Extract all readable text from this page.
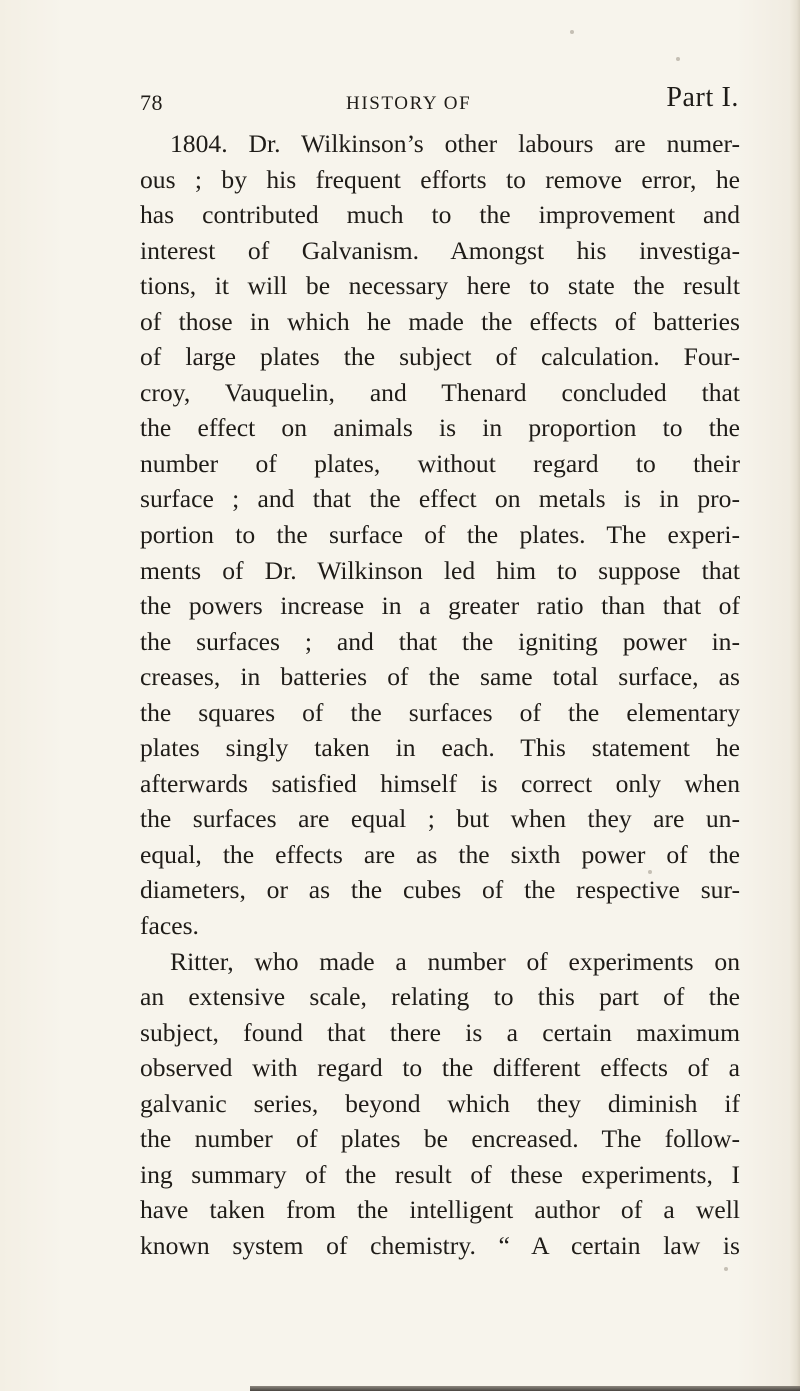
78	HISTORY OF	Part I.
1804. Dr. Wilkinson’s other labours are numer-
ous ; by his frequent efforts to remove error, he
has contributed much to the improvement and
interest of Galvanism. Amongst his investiga-
tions, it will be necessary here to state the result
of those in which he made the effects of batteries
of large plates the subject of calculation. Four-
croy, Vauquelin, and Thenard concluded that
the effect on animals is in proportion to the
number of plates, without regard to their
surface ; and that the effect on metals is in pro-
portion to the surface of the plates. The experi-
ments of Dr. Wilkinson led him to suppose that
the powers increase in a greater ratio than that of
the surfaces ; and that the igniting power in-
creases, in batteries of the same total surface, as
the squares of the surfaces of the elementary
plates singly taken in each. This statement he
afterwards satisfied himself is correct only when
the surfaces are equal ; but when they are un-
equal, the effects are as the sixth power of the
diameters, or as the cubes of the respective sur-
faces.
Ritter, who made a number of experiments on
an extensive scale, relating to this part of the
subject, found that there is a certain maximum
observed with regard to the different effects of a
galvanic series, beyond which they diminish if
the number of plates be encreased. The follow-
ing summary of the result of these experiments, I
have taken from the intelligent author of a well
known system of chemistry. “ A certain law is
